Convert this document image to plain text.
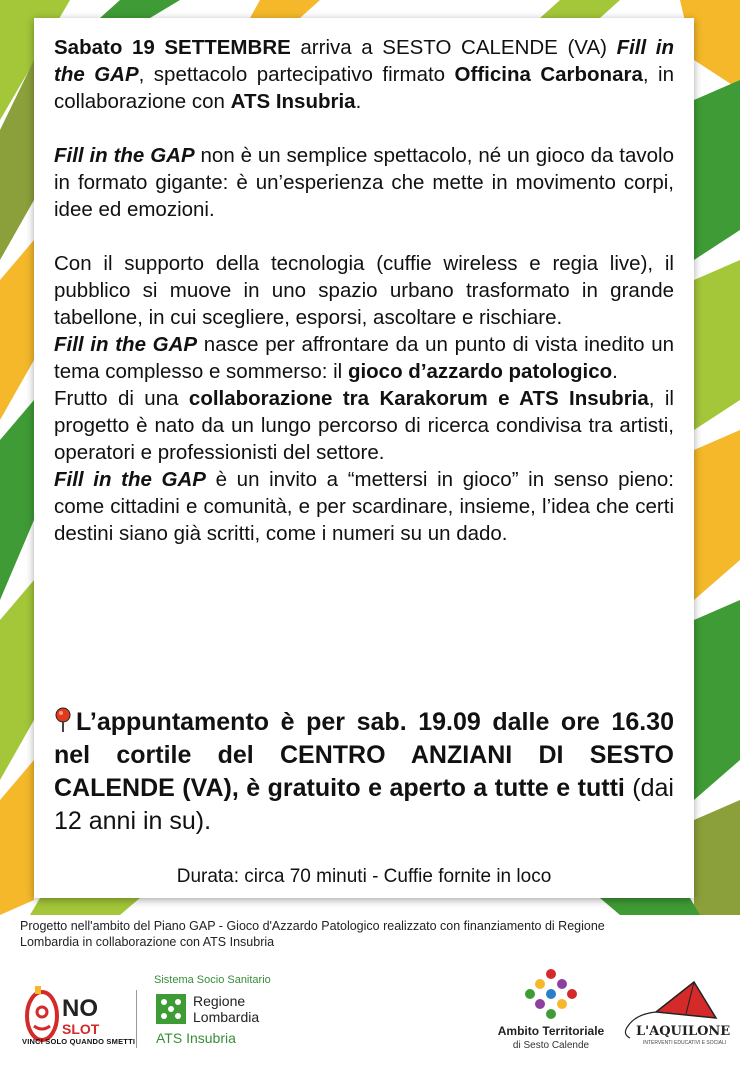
Sabato 19 SETTEMBRE arriva a SESTO CALENDE (VA) Fill in the GAP, spettacolo partecipativo firmato Officina Carbonara, in collaborazione con ATS Insubria.

Fill in the GAP non è un semplice spettacolo, né un gioco da tavolo in formato gigante: è un’esperienza che mette in movimento corpi, idee ed emozioni.

Con il supporto della tecnologia (cuffie wireless e regia live), il pubblico si muove in uno spazio urbano trasformato in grande tabellone, in cui scegliere, esporsi, ascoltare e rischiare.

Fill in the GAP nasce per affrontare da un punto di vista inedito un tema complesso e sommerso: il gioco d’azzardo patologico.

Frutto di una collaborazione tra Karakorum e ATS Insubria, il progetto è nato da un lungo percorso di ricerca condivisa tra artisti, operatori e professionisti del settore.

Fill in the GAP è un invito a “mettersi in gioco” in senso pieno: come cittadini e comunità, e per scardinare, insieme, l’idea che certi destini siano già scritti, come i numeri su un dado.

L’appuntamento è per sab. 19.09 dalle ore 16.30 nel cortile del CENTRO ANZIANI DI SESTO CALENDE (VA), è gratuito e aperto a tutte e tutti (dai 12 anni in su).
Durata: circa 70 minuti - Cuffie fornite in loco
Progetto nell'ambito del Piano GAP - Gioco d'Azzardo Patologico realizzato con finanziamento di Regione Lombardia in collaborazione con ATS Insubria
NO
SLOT
VINCI SOLO QUANDO SMETTI
Sistema Socio Sanitario
Regione
Lombardia
ATS Insubria	Ambito Territoriale
di Sesto Calende
L'AQUILONE
INTERVENTI EDUCATIVI E SOCIALI
